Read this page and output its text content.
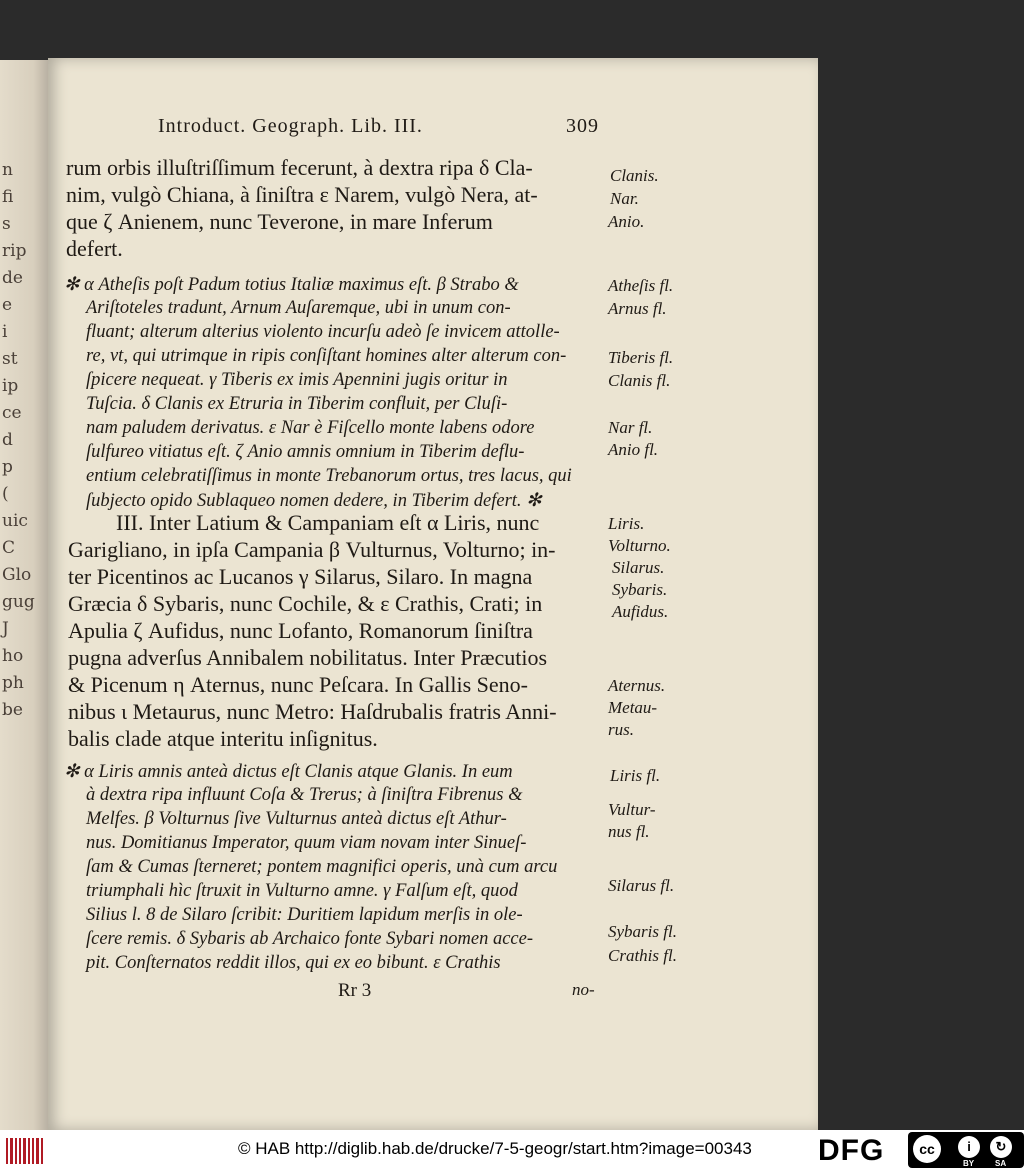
n
fi
s
rip
de
e
i
st
ip
ce
d
p
(
uic
C
Glo
gug
J
ho
ph
be
Introduct. Geograph. Lib. III.	309
rum orbis illuſtriſſimum fecerunt, à dextra ripa δ Cla-
nim, vulgò Chiana, à ſiniſtra ε Narem, vulgò Nera, at-
que ζ Anienem, nunc Teverone, in mare Inferum
defert.
✻ α Atheſis poſt Padum totius Italiæ maximus eſt. β Strabo &
Ariſtoteles tradunt, Arnum Auſaremque, ubi in unum con-
fluant; alterum alterius violento incurſu adeò ſe invicem attolle-
re, vt, qui utrimque in ripis conſiſtant homines alter alterum con-
ſpicere nequeat. γ Tiberis ex imis Apennini jugis oritur in
Tuſcia. δ Clanis ex Etruria in Tiberim confluit, per Cluſi-
nam paludem derivatus. ε Nar è Fiſcello monte labens odore
ſulfureo vitiatus eſt. ζ Anio amnis omnium in Tiberim deflu-
entium celebratiſſimus in monte Trebanorum ortus, tres lacus, qui
ſubjecto opido Sublaqueo nomen dedere, in Tiberim defert. ✻
III. Inter Latium & Campaniam eſt α Liris, nunc
Garigliano, in ipſa Campania β Vulturnus, Volturno; in-
ter Picentinos ac Lucanos γ Silarus, Silaro. In magna
Græcia δ Sybaris, nunc Cochile, & ε Crathis, Crati; in
Apulia ζ Aufidus, nunc Lofanto, Romanorum ſiniſtra
pugna adverſus Annibalem nobilitatus. Inter Præcutios
& Picenum η Aternus, nunc Peſcara. In Gallis Seno-
nibus ι Metaurus, nunc Metro: Haſdrubalis fratris Anni-
balis clade atque interitu inſignitus.
✻ α Liris amnis anteà dictus eſt Clanis atque Glanis. In eum
à dextra ripa influunt Coſa & Trerus; à ſiniſtra Fibrenus &
Melfes. β Volturnus ſive Vulturnus anteà dictus eſt Athur-
nus. Domitianus Imperator, quum viam novam inter Sinueſ-
ſam & Cumas ſterneret; pontem magnifici operis, unà cum arcu
triumphali hìc ſtruxit in Vulturno amne. γ Falſum eſt, quod
Silius l. 8 de Silaro ſcribit: Duritiem lapidum merſis in ole-
ſcere remis. δ Sybaris ab Archaico fonte Sybari nomen acce-
pit. Conſternatos reddit illos, qui ex eo bibunt. ε Crathis
Rr 3	no-
Clanis.
Nar.
Anio.
Atheſis fl.
Arnus fl.
Tiberis fl.
Clanis fl.
Nar fl.
Anio fl.
Liris.
Volturno.
Silarus.
Sybaris.
Aufidus.
Aternus.
Metau-
rus.
Liris fl.
Vultur-
nus fl.
Silarus fl.
Sybaris fl.
Crathis fl.
© HAB http://diglib.hab.de/drucke/7-5-geogr/start.htm?image=00343 DFG	cc	i	↻
BY	SA
